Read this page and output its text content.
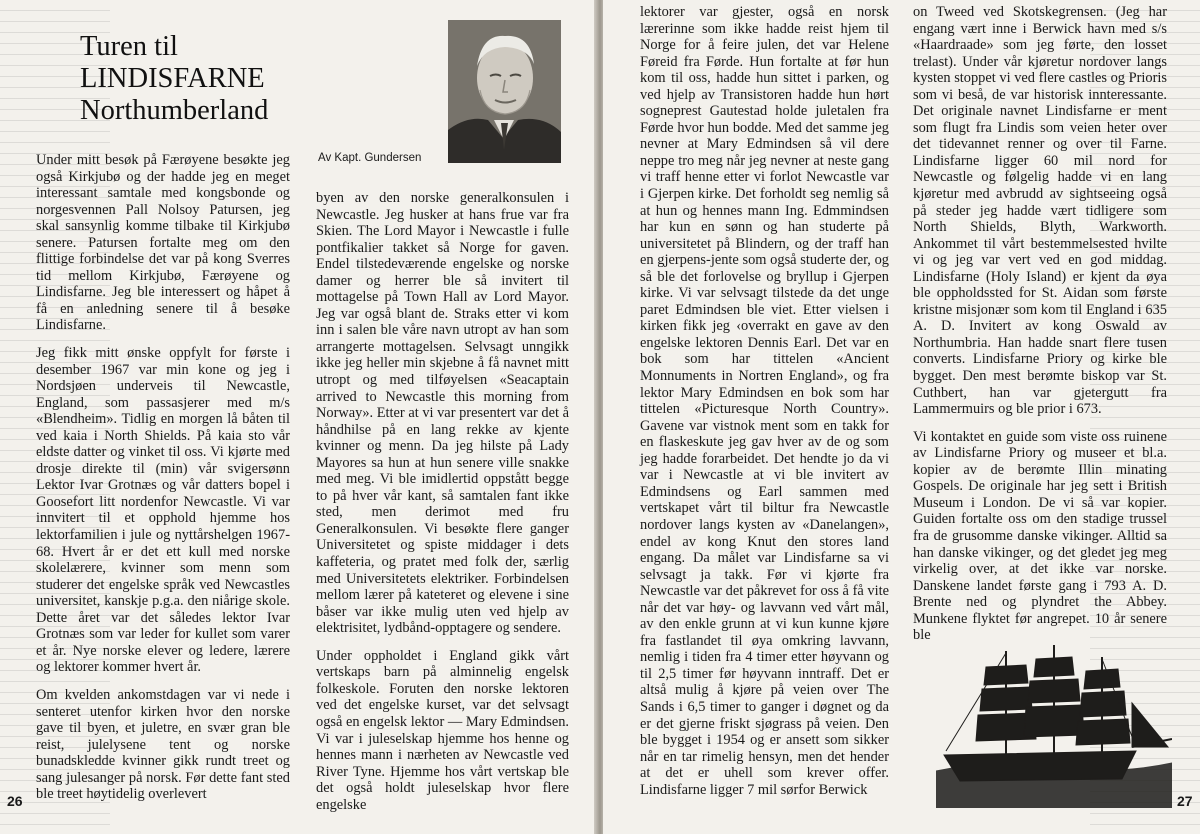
Turen til
LINDISFARNE
Northumberland
Av Kapt. Gundersen

Under mitt besøk på Færøyene besøkte jeg også Kirkjubø og der hadde jeg en meget interessant samtale med kongsbonde og norgesvennen Pall Nolsoy Patursen, jeg skal sansynlig komme tilbake til Kirkjubø senere. Patursen fortalte meg om den flittige forbindelse det var på kong Sverres tid mellom Kirkjubø, Færøyene og Lindisfarne. Jeg ble interessert og håpet å få en anledning senere til å besøke Lindisfarne.

Jeg fikk mitt ønske oppfylt for første i desember 1967 var min kone og jeg i Nordsjøen underveis til Newcastle, England, som passasjerer med m/s «Blendheim». Tidlig en morgen lå båten til ved kaia i North Shields. På kaia sto vår eldste datter og vinket til oss. Vi kjørte med drosje direkte til (min) vår svigersønn Lektor Ivar Grotnæs og vår datters bopel i Goosefort litt nordenfor Newcastle. Vi var innvitert til et opphold hjemme hos lektorfamilien i jule og nyttårshelgen 1967-68. Hvert år er det ett kull med norske skolelærere, kvinner som menn som studerer det engelske språk ved Newcastles universitet, kanskje p.g.a. den niårige skole. Dette året var det således lektor Ivar Grotnæs som var leder for kullet som varer et år. Nye norske elever og ledere, lærere og lektorer kommer hvert år.

Om kvelden ankomstdagen var vi nede i senteret utenfor kirken hvor den norske gave til byen, et juletre, en svær gran ble reist, julelysene tent og norske bunadskledde kvinner gikk rundt treet og sang julesanger på norsk. Før dette fant sted ble treet høytidelig overlevert

byen av den norske generalkonsulen i Newcastle. Jeg husker at hans frue var fra Skien. The Lord Mayor i Newcastle i fulle pontfikalier takket så Norge for gaven. Endel tilstedeværende engelske og norske damer og herrer ble så invitert til mottagelse på Town Hall av Lord Mayor. Jeg var også blant de. Straks etter vi kom inn i salen ble våre navn utropt av han som arrangerte mottagelsen. Selvsagt unngikk ikke jeg heller min skjebne å få navnet mitt utropt og med tilføyelsen «Seacaptain arrived to Newcastle this morning from Norway». Etter at vi var presentert var det å håndhilse på en lang rekke av kjente kvinner og menn. Da jeg hilste på Lady Mayores sa hun at hun senere ville snakke med meg. Vi ble imidlertid oppstått begge to på hver vår kant, så samtalen fant ikke sted, men derimot med fru Generalkonsulen. Vi besøkte flere ganger Universitetet og spiste middager i dets kaffeteria, og pratet med folk der, særlig med Universitetets elektriker. Forbindelsen mellom lærer på kateteret og elevene i sine båser var ikke mulig uten ved hjelp av elektrisitet, lydbånd-opptagere og sendere.

Under oppholdet i England gikk vårt vertskaps barn på alminnelig engelsk folkeskole. Foruten den norske lektoren ved det engelske kurset, var det selvsagt også en engelsk lektor — Mary Edmindsen. Vi var i juleselskap hjemme hos henne og hennes mann i nærheten av Newcastle ved River Tyne. Hjemme hos vårt vertskap ble det også holdt juleselskap hvor flere engelske

26

lektorer var gjester, også en norsk lærerinne som ikke hadde reist hjem til Norge for å feire julen, det var Helene Føreid fra Førde. Hun fortalte at før hun kom til oss, hadde hun sittet i parken, og ved hjelp av Transistoren hadde hun hørt sogneprest Gautestad holde juletalen fra Førde hvor hun bodde. Med det samme jeg nevner at Mary Edmindsen så vil dere neppe tro meg når jeg nevner at neste gang vi traff henne etter vi forlot Newcastle var i Gjerpen kirke. Det forholdt seg nemlig så at hun og hennes mann Ing. Edmmindsen har kun en sønn og han studerte på universitetet på Blindern, og der traff han en gjerpens-jente som også studerte der, og så ble det forlovelse og bryllup i Gjerpen kirke. Vi var selvsagt tilstede da det unge paret Edmindsen ble viet. Etter vielsen i kirken fikk jeg ‹overrakt en gave av den engelske lektoren Dennis Earl. Det var en bok som har tittelen «Ancient Monnuments in Nortren England», og fra lektor Mary Edmindsen en bok som har tittelen «Picturesque North Country». Gavene var vistnok ment som en takk for en flaskeskute jeg gav hver av de og som jeg hadde forarbeidet. Det hendte jo da vi var i Newcastle at vi ble invitert av Edmindsens og Earl sammen med vertskapet vårt til biltur fra Newcastle nordover langs kysten av «Danelangen», endel av kong Knut den stores land engang. Da målet var Lindisfarne sa vi selvsagt ja takk. Før vi kjørte fra Newcastle var det påkrevet for oss å få vite når det var høy- og lavvann ved vårt mål, av den enkle grunn at vi kun kunne kjøre fra fastlandet til øya omkring lavvann, nemlig i tiden fra 4 timer etter høyvann og til 2,5 timer før høyvann inntraff. Det er altså mulig å kjøre på veien over The Sands i 6,5 timer to ganger i døgnet og da er det gjerne friskt sjøgrass på veien. Den ble bygget i 1954 og er ansett som sikker når en tar rimelig hensyn, men det hender at det er uhell som krever offer. Lindisfarne ligger 7 mil sørfor Berwick

on Tweed ved Skotskegrensen. (Jeg har engang vært inne i Berwick havn med s/s «Haardraade» som jeg førte, den losset trelast). Under vår kjøretur nordover langs kysten stoppet vi ved flere castles og Prioris som vi beså, de var historisk innteressante. Det originale navnet Lindisfarne er ment som flugt fra Lindis som veien heter over det tidevannet renner og over til Farne. Lindisfarne ligger 60 mil nord for Newcastle og følgelig hadde vi en lang kjøretur med avbrudd av sightseeing også på steder jeg hadde vært tidligere som North Shields, Blyth, Warkworth. Ankommet til vårt bestemmelsested hvilte vi og jeg var vert ved en god middag. Lindisfarne (Holy Island) er kjent da øya ble oppholdssted for St. Aidan som første kristne misjonær som kom til England i 635 A. D. Invitert av kong Oswald av Northumbria. Han hadde snart flere tusen converts. Lindisfarne Priory og kirke ble bygget. Den mest berømte biskop var St. Cuthbert, han var gjetergutt fra Lammermuirs og ble prior i 673.

Vi kontaktet en guide som viste oss ruinene av Lindisfarne Priory og museer et bl.a. kopier av de berømte Illin minating Gospels. De originale har jeg sett i British Museum i London. De vi så var kopier. Guiden fortalte oss om den stadige trussel fra de grusomme danske vikinger. Alltid sa han danske vikinger, og det gledet jeg meg virkelig over, at det ikke var norske. Danskene landet første gang i 793 A. D. Brente ned og plyndret the Abbey. Munkene flyktet før angrepet. 10 år senere ble

27
